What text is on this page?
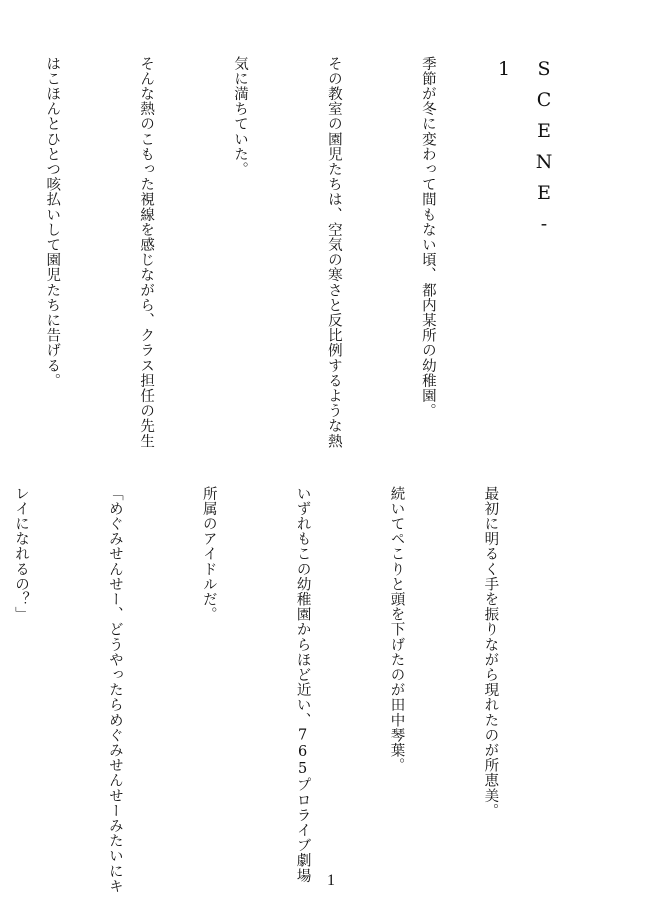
SCENE-1

季節が冬に変わって間もない頃、都内某所の幼稚園。

その教室の園児たちは、空気の寒さと反比例するような熱

気に満ちていた。

そんな熱のこもった視線を感じながら、クラス担任の先生

はこほんとひとつ咳払いして園児たちに告げる。

最初に明るく手を振りながら現れたのが所恵美。

続いてペこりと頭を下げたのが田中琴葉。

いずれもこの幼稚園からほど近い、765プロライブ劇場

所属のアイドルだ。

「めぐみせんせー、どうやったらめぐみせんせーみたいにキ

レイになれるの？」

1
